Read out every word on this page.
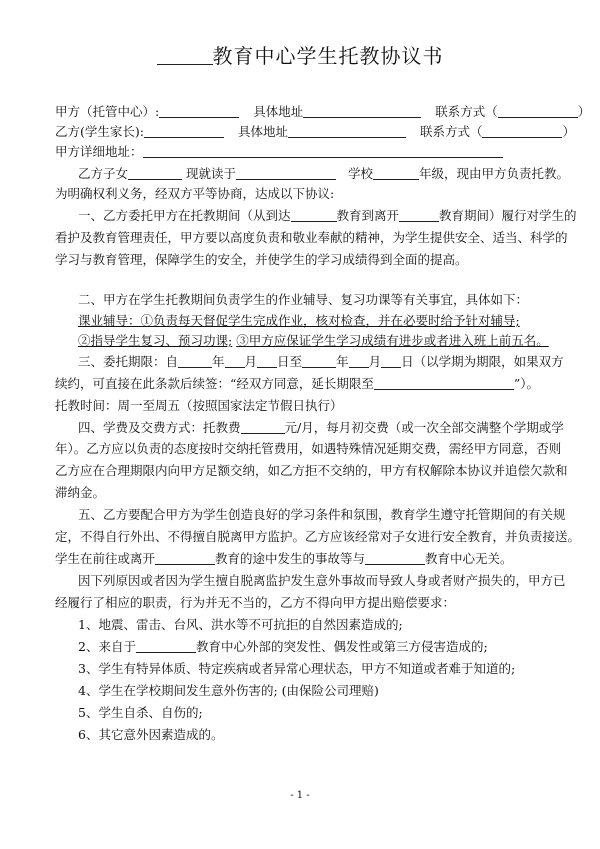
教育中心学生托教协议书
甲方（托管中心）:	具体地址	联系方式（	）
乙方(学生家长):	具体地址	联系方式（	）
甲方详细地址：
乙方子女	现就读于	学校	年级，现由甲方负责托教。
为明确权利义务，经双方平等协商，达成以下协议:
一、乙方委托甲方在托教期间（从到达	教育到离开	教育期间）履行对学生的
看护及教育管理责任，甲方要以高度负责和敬业奉献的精神，为学生提供安全、适当、科学的
学习与教育管理，保障学生的安全，并使学生的学习成绩得到全面的提高。
二、甲方在学生托教期间负责学生的作业辅导、复习功课等有关事宜，具体如下：
课业辅导：①负责每天督促学生完成作业，核对检查，并在必要时给予针对辅导;
②指导学生复习、预习功课; ③甲方应保证学生学习成绩有进步或者进入班上前五名。
三、委托期限：自	年 月 日至	年 月 日（以学期为期限，如果双方
续约，可直接在此条款后续签：“经双方同意，延长期限至	”）。
托教时间：周一至周五（按照国家法定节假日执行）
四、学费及交费方式：托教费	元/月，每月初交费（或一次全部交满整个学期或学
年）。乙方应以负责的态度按时交纳托管费用，如遇特殊情况延期交费，需经甲方同意，否则
乙方应在合理期限内向甲方足额交纳，如乙方拒不交纳的，甲方有权解除本协议并追偿欠款和
滞纳金。
五、乙方要配合甲方为学生创造良好的学习条件和氛围，教育学生遵守托管期间的有关规
定，不得自行外出、不得擅自脱离甲方监护。乙方应该经常对子女进行安全教育，并负责接送。
学生在前往或离开	教育的途中发生的事故等与	教育中心无关。
因下列原因或者因为学生擅自脱离监护发生意外事故而导致人身或者财产损失的，甲方已
经履行了相应的职责，行为并无不当的，乙方不得向甲方提出赔偿要求：
1、地震、雷击、台风、洪水等不可抗拒的自然因素造成的;
2、来自于	教育中心外部的突发性、偶发性或第三方侵害造成的;
3、学生有特异体质、特定疾病或者异常心理状态，甲方不知道或者难于知道的;
4、学生在学校期间发生意外伤害的; (由保险公司理赔)
5、学生自杀、自伤的;
6、其它意外因素造成的。
- 1 -
